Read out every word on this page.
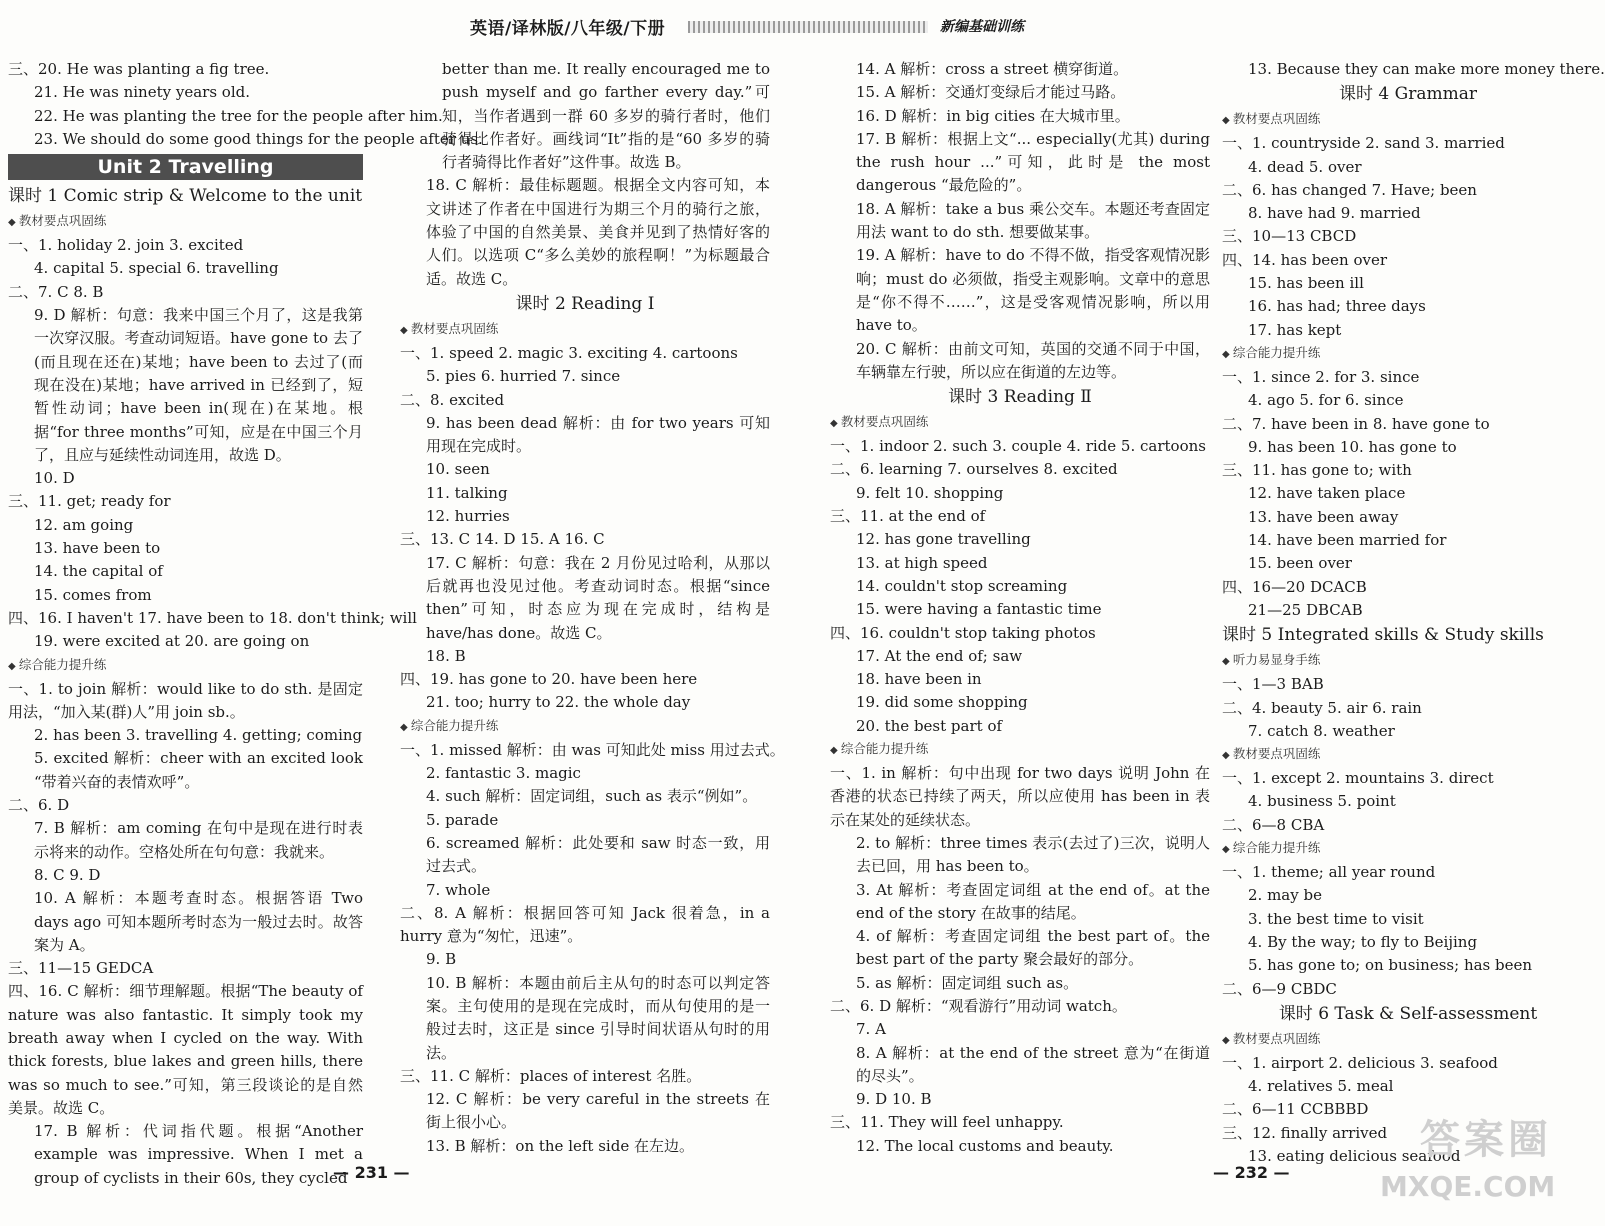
英语/译林版/八年级/下册	新编基础训练
三、20. He was planting a fig tree.
21. He was ninety years old.
22. He was planting the tree for the people after him.
23. We should do some good things for the people after us.
Unit 2 Travelling
课时 1 Comic strip & Welcome to the unit
◆ 教材要点巩固练
一、1. holiday 2. join 3. excited
4. capital 5. special 6. travelling
二、7. C 8. B
9. D 解析：句意：我来中国三个月了，这是我第一次穿汉服。考查动词短语。have gone to 去了(而且现在还在)某地；have been to 去过了(而现在没在)某地；have arrived in 已经到了，短暂性动词；have been in(现在)在某地。根据“for three months”可知，应是在中国三个月了，且应与延续性动词连用，故选 D。
10. D
三、11. get; ready for
12. am going
13. have been to
14. the capital of
15. comes from
四、16. I haven't 17. have been to 18. don't think; will
19. were excited at 20. are going on
◆ 综合能力提升练
一、1. to join 解析：would like to do sth. 是固定用法，“加入某(群)人”用 join sb.。
2. has been 3. travelling 4. getting; coming
5. excited 解析：cheer with an excited look “带着兴奋的表情欢呼”。
二、6. D
7. B 解析：am coming 在句中是现在进行时表示将来的动作。空格处所在句句意：我就来。
8. C 9. D
10. A 解析：本题考查时态。根据答语 Two days ago 可知本题所考时态为一般过去时。故答案为 A。
三、11—15 GEDCA
四、16. C 解析：细节理解题。根据“The beauty of nature was also fantastic. It simply took my breath away when I cycled on the way. With thick forests, blue lakes and green hills, there was so much to see.”可知，第三段谈论的是自然美景。故选 C。
17. B 解析：代词指代题。根据“Another example was impressive. When I met a group of cyclists in their 60s, they cycled
better than me. It really encouraged me to push myself and go farther every day.”可知，当作者遇到一群 60 多岁的骑行者时，他们骑得比作者好。画线词“It”指的是“60 多岁的骑行者骑得比作者好”这件事。故选 B。
18. C 解析：最佳标题题。根据全文内容可知，本文讲述了作者在中国进行为期三个月的骑行之旅，体验了中国的自然美景、美食并见到了热情好客的人们。以选项 C“多么美妙的旅程啊！”为标题最合适。故选 C。
课时 2 Reading Ⅰ
◆ 教材要点巩固练
一、1. speed 2. magic 3. exciting 4. cartoons
5. pies 6. hurried 7. since
二、8. excited
9. has been dead 解析：由 for two years 可知用现在完成时。
10. seen
11. talking
12. hurries
三、13. C 14. D 15. A 16. C
17. C 解析：句意：我在 2 月份见过哈利，从那以后就再也没见过他。考查动词时态。根据“since then”可知，时态应为现在完成时，结构是 have/has done。故选 C。
18. B
四、19. has gone to 20. have been here
21. too; hurry to 22. the whole day
◆ 综合能力提升练
一、1. missed 解析：由 was 可知此处 miss 用过去式。
2. fantastic 3. magic
4. such 解析：固定词组，such as 表示“例如”。
5. parade
6. screamed 解析：此处要和 saw 时态一致，用过去式。
7. whole
二、8. A 解析：根据回答可知 Jack 很着急，in a hurry 意为“匆忙，迅速”。
9. B
10. B 解析：本题由前后主从句的时态可以判定答案。主句使用的是现在完成时，而从句使用的是一般过去时，这正是 since 引导时间状语从句时的用法。
三、11. C 解析：places of interest 名胜。
12. C 解析：be very careful in the streets 在街上很小心。
13. B 解析：on the left side 在左边。
14. A 解析：cross a street 横穿街道。
15. A 解析：交通灯变绿后才能过马路。
16. D 解析：in big cities 在大城市里。
17. B 解析：根据上文“... especially(尤其) during the rush hour ...”可知，此时是 the most dangerous “最危险的”。
18. A 解析：take a bus 乘公交车。本题还考查固定用法 want to do sth. 想要做某事。
19. A 解析：have to do 不得不做，指受客观情况影响；must do 必须做，指受主观影响。文章中的意思是“你不得不……”，这是受客观情况影响，所以用 have to。
20. C 解析：由前文可知，英国的交通不同于中国，车辆靠左行驶，所以应在街道的左边等。
课时 3 Reading Ⅱ
◆ 教材要点巩固练
一、1. indoor 2. such 3. couple 4. ride 5. cartoons
二、6. learning 7. ourselves 8. excited
9. felt 10. shopping
三、11. at the end of
12. has gone travelling
13. at high speed
14. couldn't stop screaming
15. were having a fantastic time
四、16. couldn't stop taking photos
17. At the end of; saw
18. have been in
19. did some shopping
20. the best part of
◆ 综合能力提升练
一、1. in 解析：句中出现 for two days 说明 John 在香港的状态已持续了两天，所以应使用 has been in 表示在某处的延续状态。
2. to 解析：three times 表示(去过了)三次，说明人去已回，用 has been to。
3. At 解析：考查固定词组 at the end of。at the end of the story 在故事的结尾。
4. of 解析：考查固定词组 the best part of。the best part of the party 聚会最好的部分。
5. as 解析：固定词组 such as。
二、6. D 解析：“观看游行”用动词 watch。
7. A
8. A 解析：at the end of the street 意为“在街道的尽头”。
9. D 10. B
三、11. They will feel unhappy.
12. The local customs and beauty.
13. Because they can make more money there.
课时 4 Grammar
◆ 教材要点巩固练
一、1. countryside 2. sand 3. married
4. dead 5. over
二、6. has changed 7. Have; been
8. have had 9. married
三、10—13 CBCD
四、14. has been over
15. has been ill
16. has had; three days
17. has kept
◆ 综合能力提升练
一、1. since 2. for 3. since
4. ago 5. for 6. since
二、7. have been in 8. have gone to
9. has been 10. has gone to
三、11. has gone to; with
12. have taken place
13. have been away
14. have been married for
15. been over
四、16—20 DCACB
21—25 DBCAB
课时 5 Integrated skills & Study skills
◆ 听力易显身手练
一、1—3 BAB
二、4. beauty 5. air 6. rain
7. catch 8. weather
◆ 教材要点巩固练
一、1. except 2. mountains 3. direct
4. business 5. point
二、6—8 CBA
◆ 综合能力提升练
一、1. theme; all year round
2. may be
3. the best time to visit
4. By the way; to fly to Beijing
5. has gone to; on business; has been
二、6—9 CBDC
课时 6 Task & Self-assessment
◆ 教材要点巩固练
一、1. airport 2. delicious 3. seafood
4. relatives 5. meal
二、6—11 CCBBBD
三、12. finally arrived
13. eating delicious seafood
— 231 —	— 232 —
答案圈
MXQE.COM
